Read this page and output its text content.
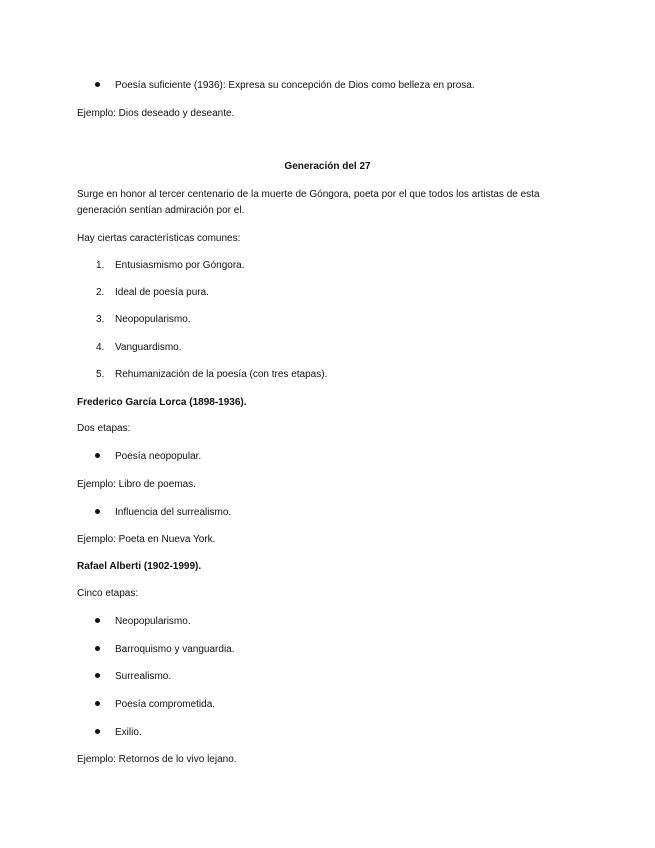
Poesía suficiente (1936): Expresa su concepción de Dios como belleza en prosa.
Ejemplo: Dios deseado y deseante.
Generación del 27
Surge en honor al tercer centenario de la muerte de Góngora, poeta por el que todos los artistas de esta
generación sentían admiración por el.
Hay ciertas características comunes:
1. Entusiasmismo por Góngora.
2. Ideal de poesía pura.
3. Neopopularismo.
4. Vanguardismo.
5. Rehumanización de la poesía (con tres etapas).
Frederico García Lorca (1898-1936).
Dos etapas:
Poesía neopopular.
Ejemplo: Libro de poemas.
Influencia del surrealismo.
Ejemplo: Poeta en Nueva York.
Rafael Alberti (1902-1999).
Cinco etapas:
Neopopularismo.
Barroquismo y vanguardia.
Surrealismo.
Poesía comprometida.
Exilio.
Ejemplo: Retornos de lo vivo lejano.
